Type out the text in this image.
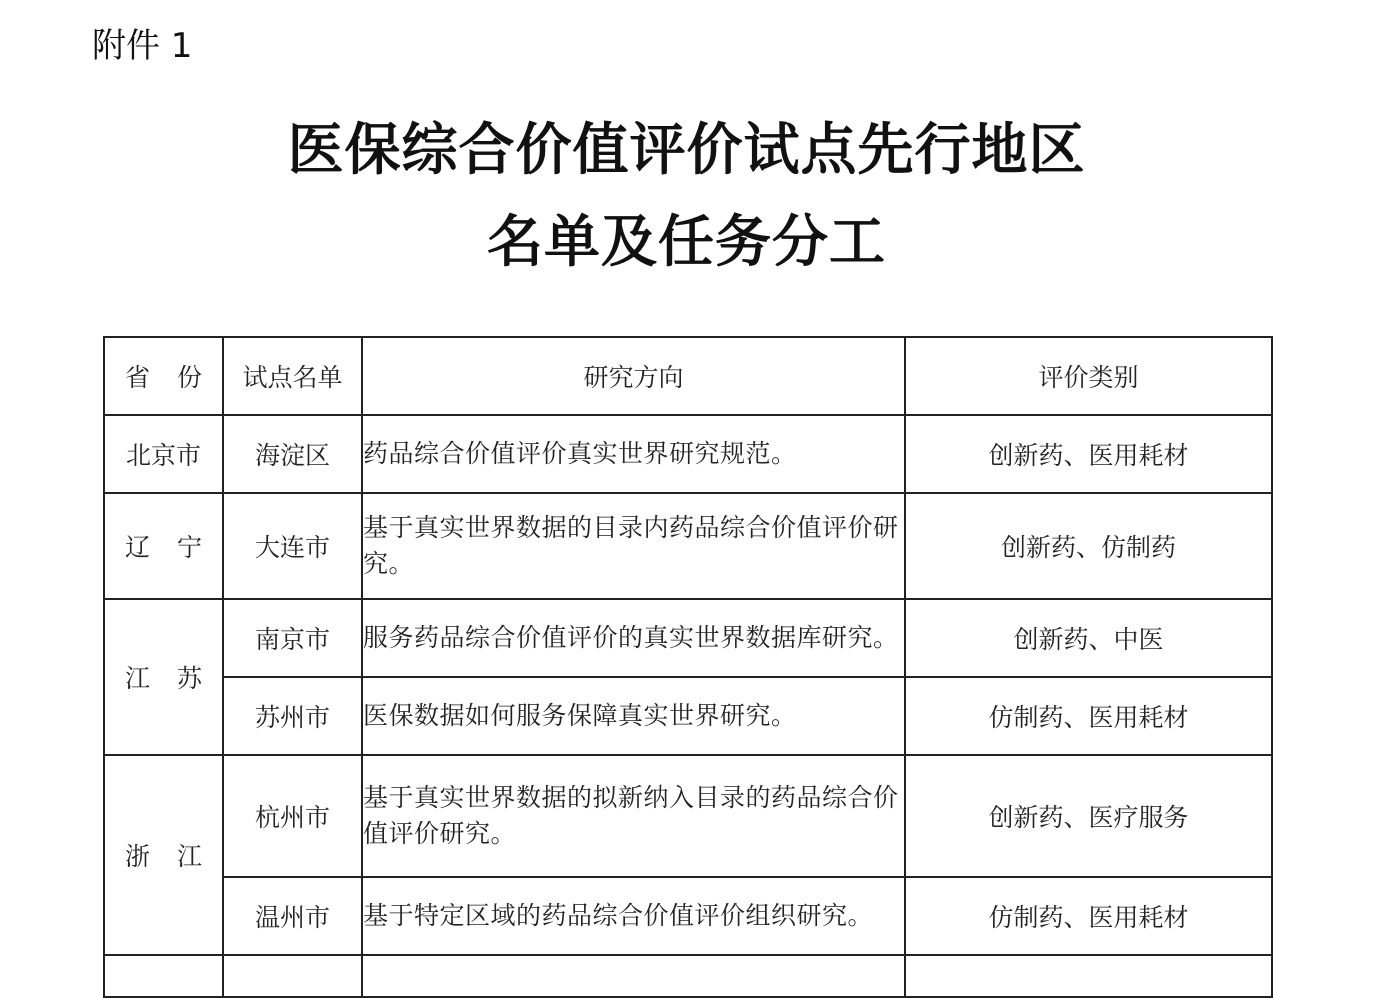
附件 1
医保综合价值评价试点先行地区
名单及任务分工
省 份	试点名单	研究方向	评价类别
北京市	海淀区	药品综合价值评价真实世界研究规范。	创新药、医用耗材

辽 宁	大连市	基于真实世界数据的目录内药品综合价值评价研究。	创新药、仿制药

江 苏	南京市	服务药品综合价值评价的真实世界数据库研究。	创新药、中医
	苏州市	医保数据如何服务保障真实世界研究。	仿制药、医用耗材

浙 江	杭州市	基于真实世界数据的拟新纳入目录的药品综合价值评价研究。	创新药、医疗服务
	温州市	基于特定区域的药品综合价值评价组织研究。	仿制药、医用耗材
